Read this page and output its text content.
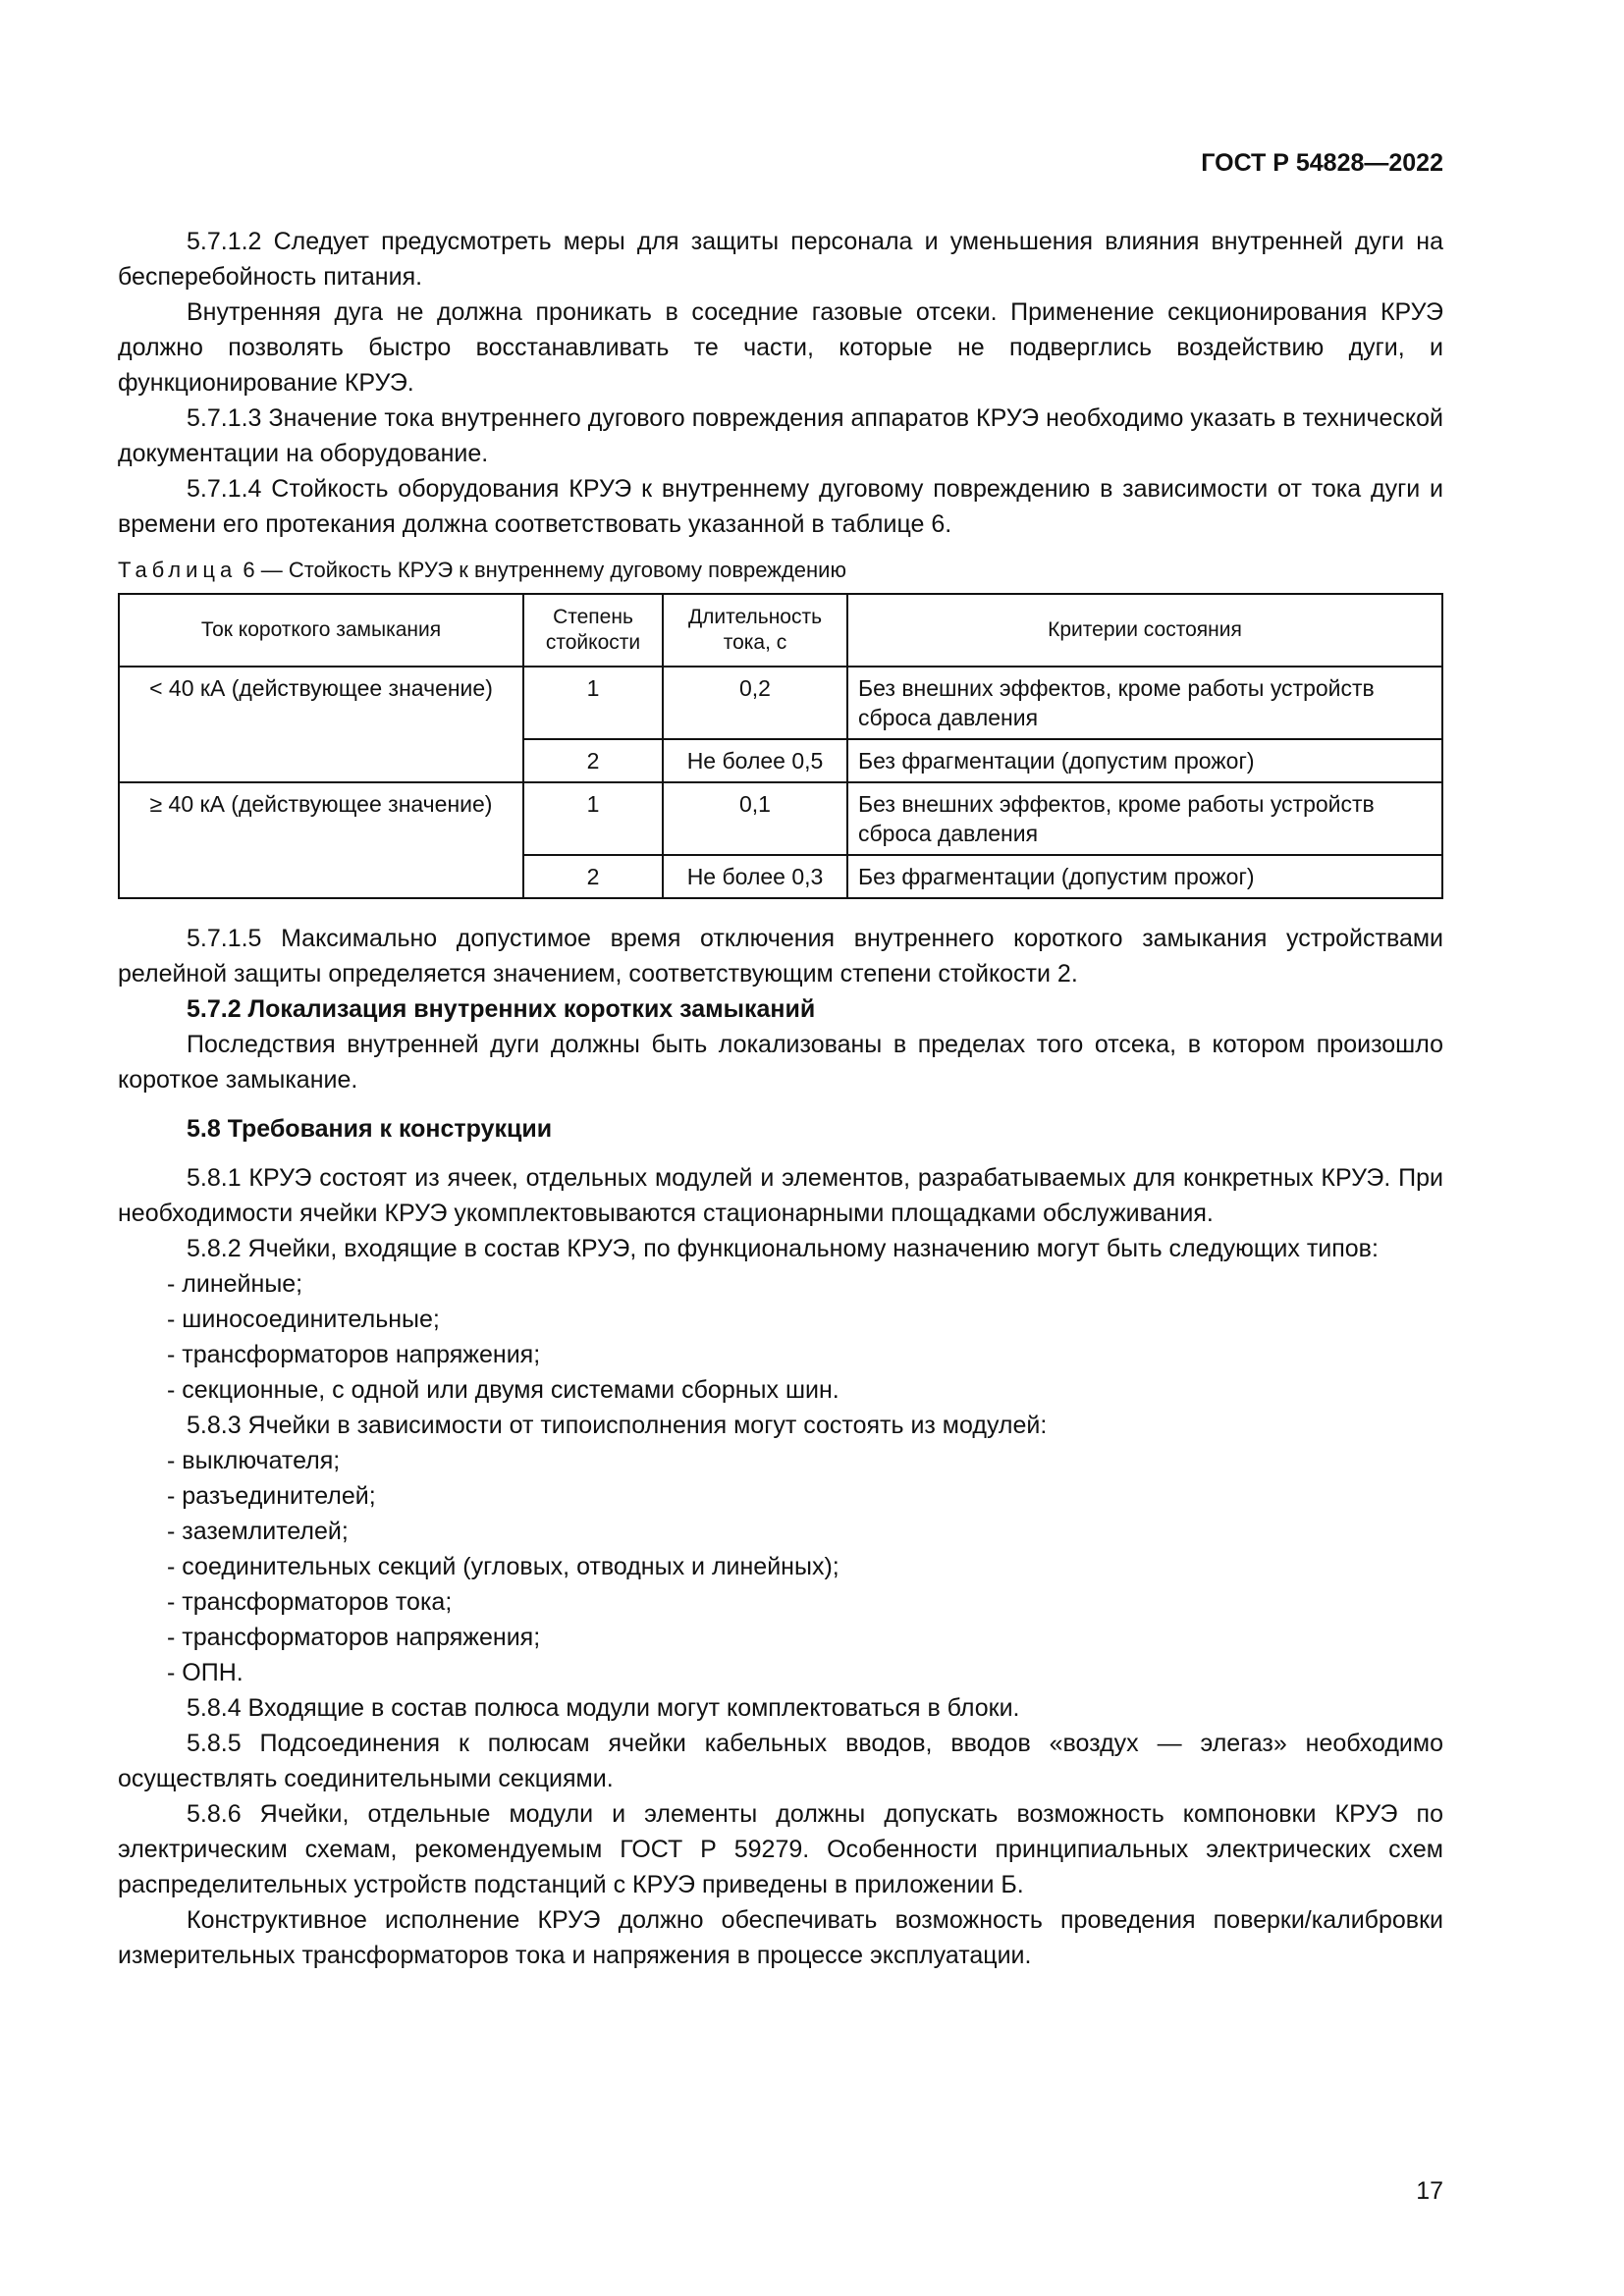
ГОСТ Р 54828—2022

5.7.1.2 Следует предусмотреть меры для защиты персонала и уменьшения влияния внутренней дуги на бесперебойность питания.

Внутренняя дуга не должна проникать в соседние газовые отсеки. Применение секционирования КРУЭ должно позволять быстро восстанавливать те части, которые не подверглись воздействию дуги, и функционирование КРУЭ.

5.7.1.3 Значение тока внутреннего дугового повреждения аппаратов КРУЭ необходимо указать в технической документации на оборудование.

5.7.1.4 Стойкость оборудования КРУЭ к внутреннему дуговому повреждению в зависимости от тока дуги и времени его протекания должна соответствовать указанной в таблице 6.

Таблица 6 — Стойкость КРУЭ к внутреннему дуговому повреждению
Ток короткого замыкания	Степень стойкости	Длительность тока, с	Критерии состояния
< 40 кА (действующее значение)	1	0,2	Без внешних эффектов, кроме работы устройств сброса давления
	2	Не более 0,5	Без фрагментации (допустим прожог)
≥ 40 кА (действующее значение)	1	0,1	Без внешних эффектов, кроме работы устройств сброса давления
	2	Не более 0,3	Без фрагментации (допустим прожог)

5.7.1.5 Максимально допустимое время отключения внутреннего короткого замыкания устройствами релейной защиты определяется значением, соответствующим степени стойкости 2.

5.7.2 Локализация внутренних коротких замыканий

Последствия внутренней дуги должны быть локализованы в пределах того отсека, в котором произошло короткое замыкание.

5.8 Требования к конструкции

5.8.1 КРУЭ состоят из ячеек, отдельных модулей и элементов, разрабатываемых для конкретных КРУЭ. При необходимости ячейки КРУЭ укомплектовываются стационарными площадками обслуживания.

5.8.2 Ячейки, входящие в состав КРУЭ, по функциональному назначению могут быть следующих типов:

- линейные;
- шиносоединительные;
- трансформаторов напряжения;
- секционные, с одной или двумя системами сборных шин.

5.8.3 Ячейки в зависимости от типоисполнения могут состоять из модулей:

- выключателя;
- разъединителей;
- заземлителей;
- соединительных секций (угловых, отводных и линейных);
- трансформаторов тока;
- трансформаторов напряжения;
- ОПН.

5.8.4 Входящие в состав полюса модули могут комплектоваться в блоки.

5.8.5 Подсоединения к полюсам ячейки кабельных вводов, вводов «воздух — элегаз» необходимо осуществлять соединительными секциями.

5.8.6 Ячейки, отдельные модули и элементы должны допускать возможность компоновки КРУЭ по электрическим схемам, рекомендуемым ГОСТ Р 59279. Особенности принципиальных электрических схем распределительных устройств подстанций с КРУЭ приведены в приложении Б.

Конструктивное исполнение КРУЭ должно обеспечивать возможность проведения поверки/калибровки измерительных трансформаторов тока и напряжения в процессе эксплуатации.

17
